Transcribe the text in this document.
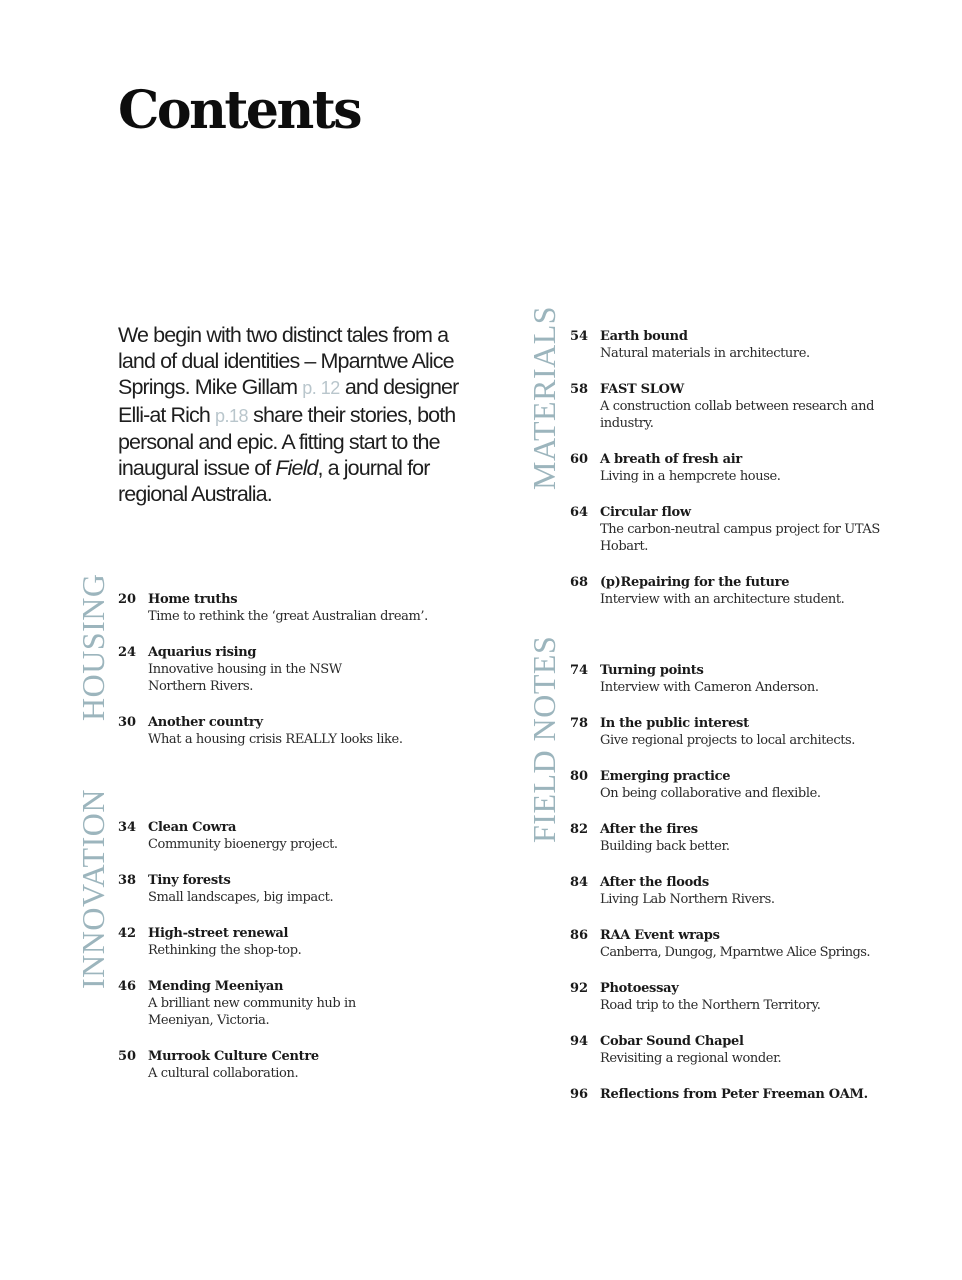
Contents

We begin with two distinct tales from a land of dual identities – Mparntwe Alice Springs. Mike Gillam p. 12 and designer Elli-at Rich p.18 share their stories, both personal and epic. A fitting start to the inaugural issue of Field, a journal for regional Australia.

HOUSING
INNOVATION
MATERIALS
FIELD NOTES
20 Home truths
Time to rethink the ‘great Australian dream’.
24 Aquarius rising
Innovative housing in the NSW Northern Rivers.
30 Another country
What a housing crisis REALLY looks like.
34 Clean Cowra
Community bioenergy project.
38 Tiny forests
Small landscapes, big impact.
42 High-street renewal
Rethinking the shop-top.
46 Mending Meeniyan
A brilliant new community hub in Meeniyan, Victoria.
50 Murrook Culture Centre
A cultural collaboration.
54 Earth bound
Natural materials in architecture.
58 FAST SLOW
A construction collab between research and industry.
60 A breath of fresh air
Living in a hempcrete house.
64 Circular flow
The carbon-neutral campus project for UTAS Hobart.
68 (p)Repairing for the future
Interview with an architecture student.
74 Turning points
Interview with Cameron Anderson.
78 In the public interest
Give regional projects to local architects.
80 Emerging practice
On being collaborative and flexible.
82 After the fires
Building back better.
84 After the floods
Living Lab Northern Rivers.
86 RAA Event wraps
Canberra, Dungog, Mparntwe Alice Springs.
92 Photoessay
Road trip to the Northern Territory.
94 Cobar Sound Chapel
Revisiting a regional wonder.
96 Reflections from Peter Freeman OAM.
